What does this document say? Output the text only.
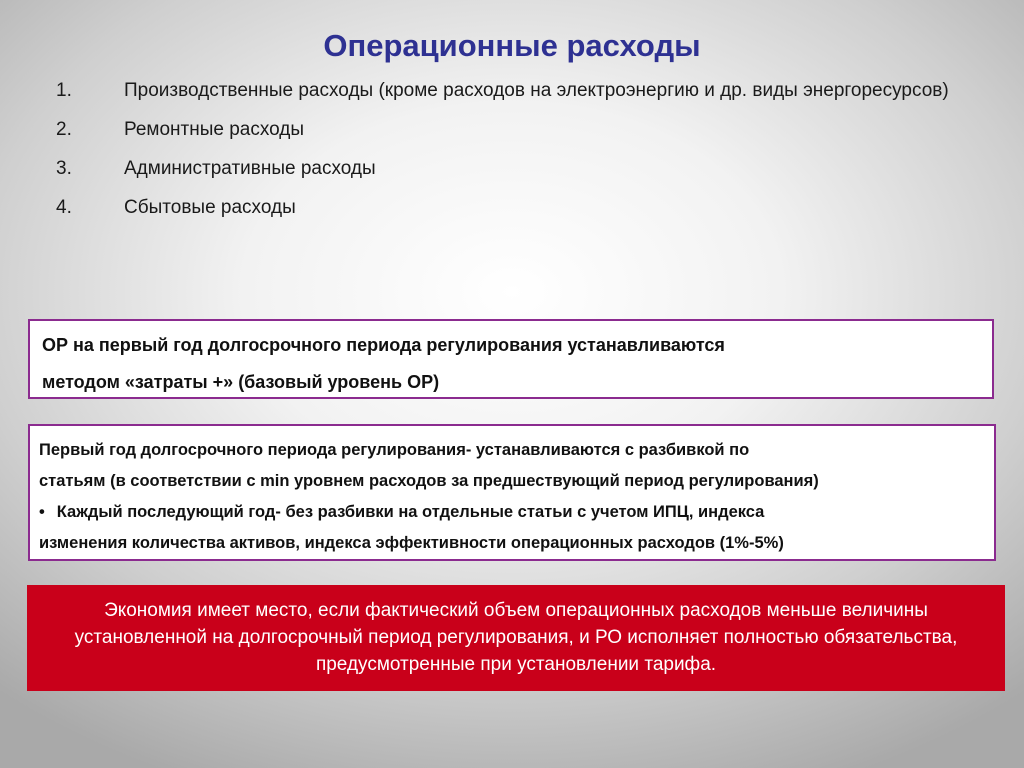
Операционные расходы
1.	Производственные расходы (кроме расходов на электроэнергию и др. виды энергоресурсов)
2.	Ремонтные расходы
3.	Административные расходы
4.	Сбытовые расходы
ОР на первый год долгосрочного периода регулирования устанавливаются
методом «затраты +» (базовый уровень ОР)
Первый год долгосрочного периода регулирования- устанавливаются с разбивкой по
статьям (в соответствии с min уровнем расходов за предшествующий период регулирования)
• Каждый последующий год- без разбивки на отдельные статьи с учетом ИПЦ, индекса
изменения количества активов, индекса эффективности операционных расходов (1%-5%)
Экономия имеет место, если фактический объем операционных расходов меньше величины установленной на долгосрочный период регулирования, и РО исполняет полностью обязательства, предусмотренные при установлении тарифа.
